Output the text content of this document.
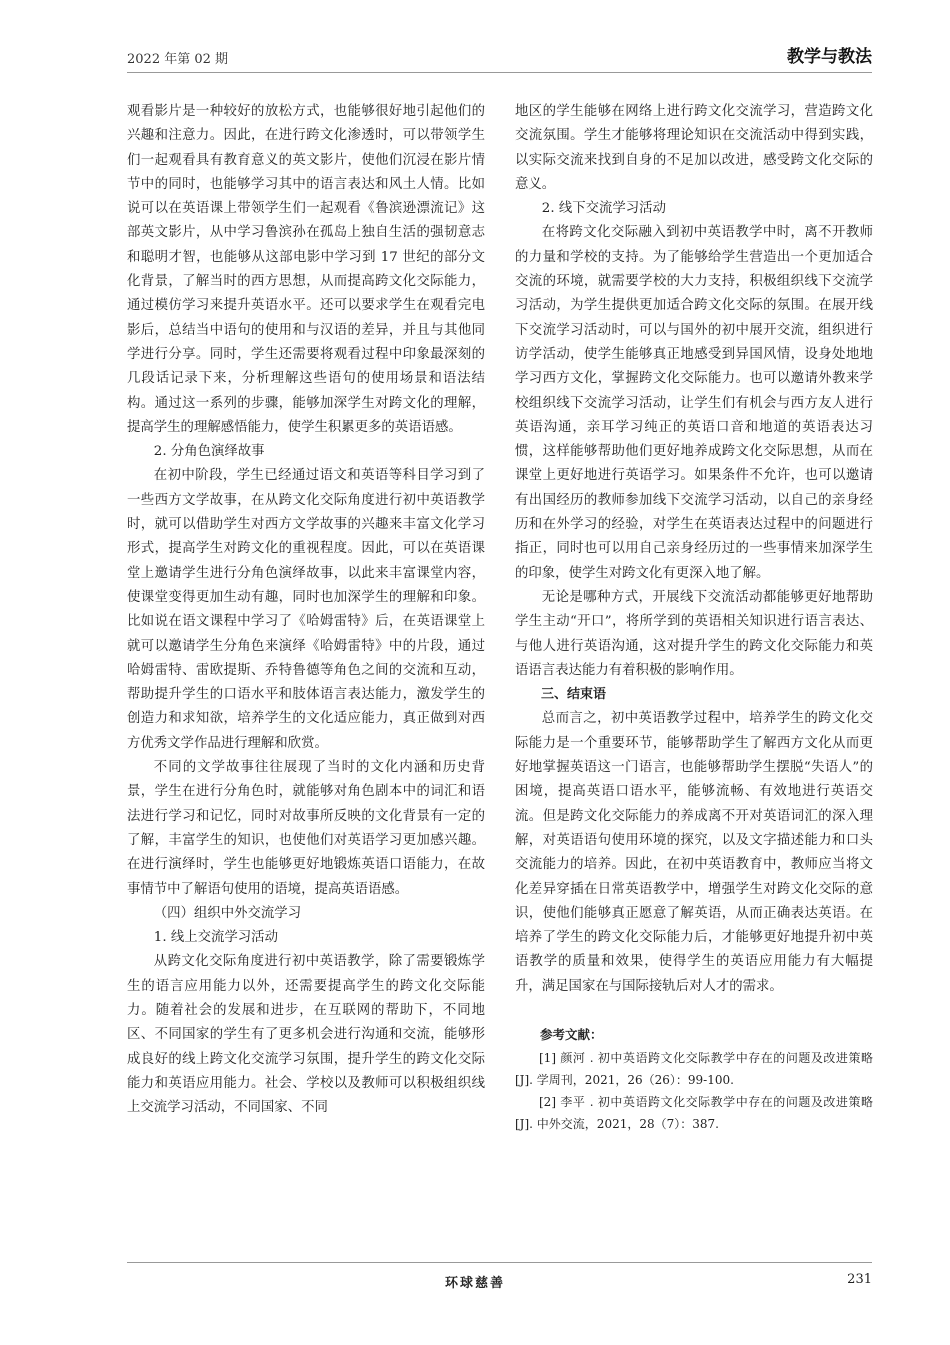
2022 年第 02 期	教学与教法

观看影片是一种较好的放松方式，也能够很好地引起他们的兴趣和注意力。因此，在进行跨文化渗透时，可以带领学生们一起观看具有教育意义的英文影片，使他们沉浸在影片情节中的同时，也能够学习其中的语言表达和风土人情。比如说可以在英语课上带领学生们一起观看《鲁滨逊漂流记》这部英文影片，从中学习鲁滨孙在孤岛上独自生活的强韧意志和聪明才智，也能够从这部电影中学习到 17 世纪的部分文化背景，了解当时的西方思想，从而提高跨文化交际能力，通过模仿学习来提升英语水平。还可以要求学生在观看完电影后，总结当中语句的使用和与汉语的差异，并且与其他同学进行分享。同时，学生还需要将观看过程中印象最深刻的几段话记录下来，分析理解这些语句的使用场景和语法结构。通过这一系列的步骤，能够加深学生对跨文化的理解，提高学生的理解感悟能力，使学生积累更多的英语语感。

2. 分角色演绎故事

在初中阶段，学生已经通过语文和英语等科目学习到了一些西方文学故事，在从跨文化交际角度进行初中英语教学时，就可以借助学生对西方文学故事的兴趣来丰富文化学习形式，提高学生对跨文化的重视程度。因此，可以在英语课堂上邀请学生进行分角色演绎故事，以此来丰富课堂内容，使课堂变得更加生动有趣，同时也加深学生的理解和印象。比如说在语文课程中学习了《哈姆雷特》后，在英语课堂上就可以邀请学生分角色来演绎《哈姆雷特》中的片段，通过哈姆雷特、雷欧提斯、乔特鲁德等角色之间的交流和互动，帮助提升学生的口语水平和肢体语言表达能力，激发学生的创造力和求知欲，培养学生的文化适应能力，真正做到对西方优秀文学作品进行理解和欣赏。

不同的文学故事往往展现了当时的文化内涵和历史背景，学生在进行分角色时，就能够对角色剧本中的词汇和语法进行学习和记忆，同时对故事所反映的文化背景有一定的了解，丰富学生的知识，也使他们对英语学习更加感兴趣。在进行演绎时，学生也能够更好地锻炼英语口语能力，在故事情节中了解语句使用的语境，提高英语语感。

（四）组织中外交流学习

1. 线上交流学习活动

从跨文化交际角度进行初中英语教学，除了需要锻炼学生的语言应用能力以外，还需要提高学生的跨文化交际能力。随着社会的发展和进步，在互联网的帮助下，不同地区、不同国家的学生有了更多机会进行沟通和交流，能够形成良好的线上跨文化交流学习氛围，提升学生的跨文化交际能力和英语应用能力。社会、学校以及教师可以积极组织线上交流学习活动，不同国家、不同

地区的学生能够在网络上进行跨文化交流学习，营造跨文化交流氛围。学生才能够将理论知识在交流活动中得到实践，以实际交流来找到自身的不足加以改进，感受跨文化交际的意义。

2. 线下交流学习活动

在将跨文化交际融入到初中英语教学中时，离不开教师的力量和学校的支持。为了能够给学生营造出一个更加适合交流的环境，就需要学校的大力支持，积极组织线下交流学习活动，为学生提供更加适合跨文化交际的氛围。在展开线下交流学习活动时，可以与国外的初中展开交流，组织进行访学活动，使学生能够真正地感受到异国风情，设身处地地学习西方文化，掌握跨文化交际能力。也可以邀请外教来学校组织线下交流学习活动，让学生们有机会与西方友人进行英语沟通，亲耳学习纯正的英语口音和地道的英语表达习惯，这样能够帮助他们更好地养成跨文化交际思想，从而在课堂上更好地进行英语学习。如果条件不允许，也可以邀请有出国经历的教师参加线下交流学习活动，以自己的亲身经历和在外学习的经验，对学生在英语表达过程中的问题进行指正，同时也可以用自己亲身经历过的一些事情来加深学生的印象，使学生对跨文化有更深入地了解。

无论是哪种方式，开展线下交流活动都能够更好地帮助学生主动“开口”，将所学到的英语相关知识进行语言表达、与他人进行英语沟通，这对提升学生的跨文化交际能力和英语语言表达能力有着积极的影响作用。

三、结束语

总而言之，初中英语教学过程中，培养学生的跨文化交际能力是一个重要环节，能够帮助学生了解西方文化从而更好地掌握英语这一门语言，也能够帮助学生摆脱“失语人”的困境，提高英语口语水平，能够流畅、有效地进行英语交流。但是跨文化交际能力的养成离不开对英语词汇的深入理解，对英语语句使用环境的探究，以及文字描述能力和口头交流能力的培养。因此，在初中英语教育中，教师应当将文化差异穿插在日常英语教学中，增强学生对跨文化交际的意识，使他们能够真正愿意了解英语，从而正确表达英语。在培养了学生的跨文化交际能力后，才能够更好地提升初中英语教学的质量和效果，使得学生的英语应用能力有大幅提升，满足国家在与国际接轨后对人才的需求。

参考文献：

[1] 颜河 . 初中英语跨文化交际教学中存在的问题及改进策略 [J]. 学周刊，2021，26（26）：99-100.

[2] 李平 . 初中英语跨文化交际教学中存在的问题及改进策略 [J]. 中外交流，2021，28（7）：387.

环球慈善	231
